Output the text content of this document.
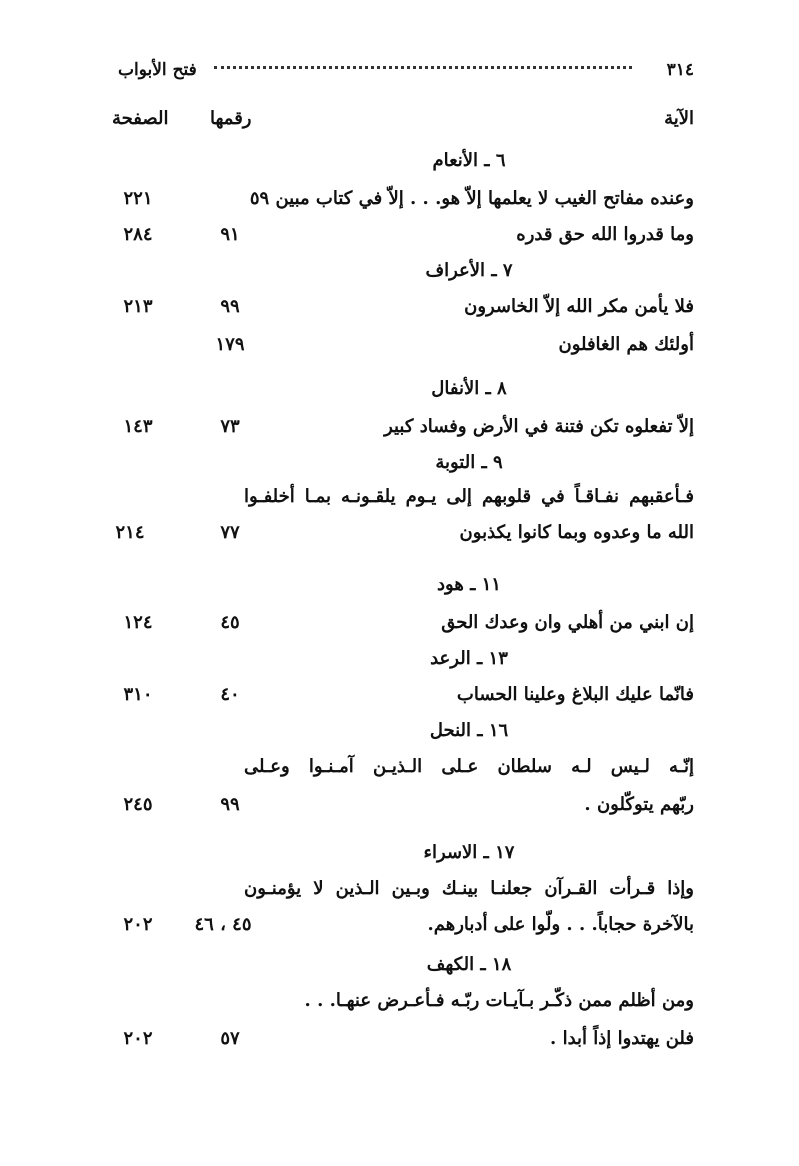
٣١٤
فتح الأبواب
الصفحة رقمها	الآية
٦ ـ الأنعام
وعنده مفاتح الغيب لا يعلمها إلاّ هو. . . إلاّ في كتاب مبين ٥٩
٢٢١
وما قدروا الله حق قدره
٩١
٢٨٤
٧ ـ الأعراف
فلا يأمن مكر الله إلاّ الخاسرون
٩٩
٢١٣
أولئك هم الغافلون
١٧٩
٨ ـ الأنفال
إلاّ تفعلوه تكن فتنة في الأرض وفساد كبير
٧٣
١٤٣
٩ ـ التوبة
فـأعقبهم نفـاقـاً في قلوبهم إلى يـوم يلقـونـه بمـا أخلفـوا
الله ما وعدوه وبما كانوا يكذبون
٧٧
٢١٤
١١ ـ هود
إن ابني من أهلي وان وعدك الحق
٤٥
١٢٤
١٣ ـ الرعد
فانّما عليك البلاغ وعلينا الحساب
٤٠
٣١٠
١٦ ـ النحل
إنّـه لـيس لـه سلطان عـلى الـذيـن آمـنـوا وعـلى
ربّهم يتوكّلون .
٩٩
٢٤٥
١٧ ـ الاسراء
وإذا قـرأت القـرآن جعلنـا بينـك وبـين الـذين لا يؤمنـون
بالآخرة حجاباً. . . ولّوا على أدبارهم.
٤٥ ، ٤٦
٢٠٢
١٨ ـ الكهف
ومن أظلم ممن ذكّـر بـآيـات ربّـه فـأعـرض عنهـا. . .
فلن يهتدوا إذاً أبدا .
٥٧
٢٠٢
